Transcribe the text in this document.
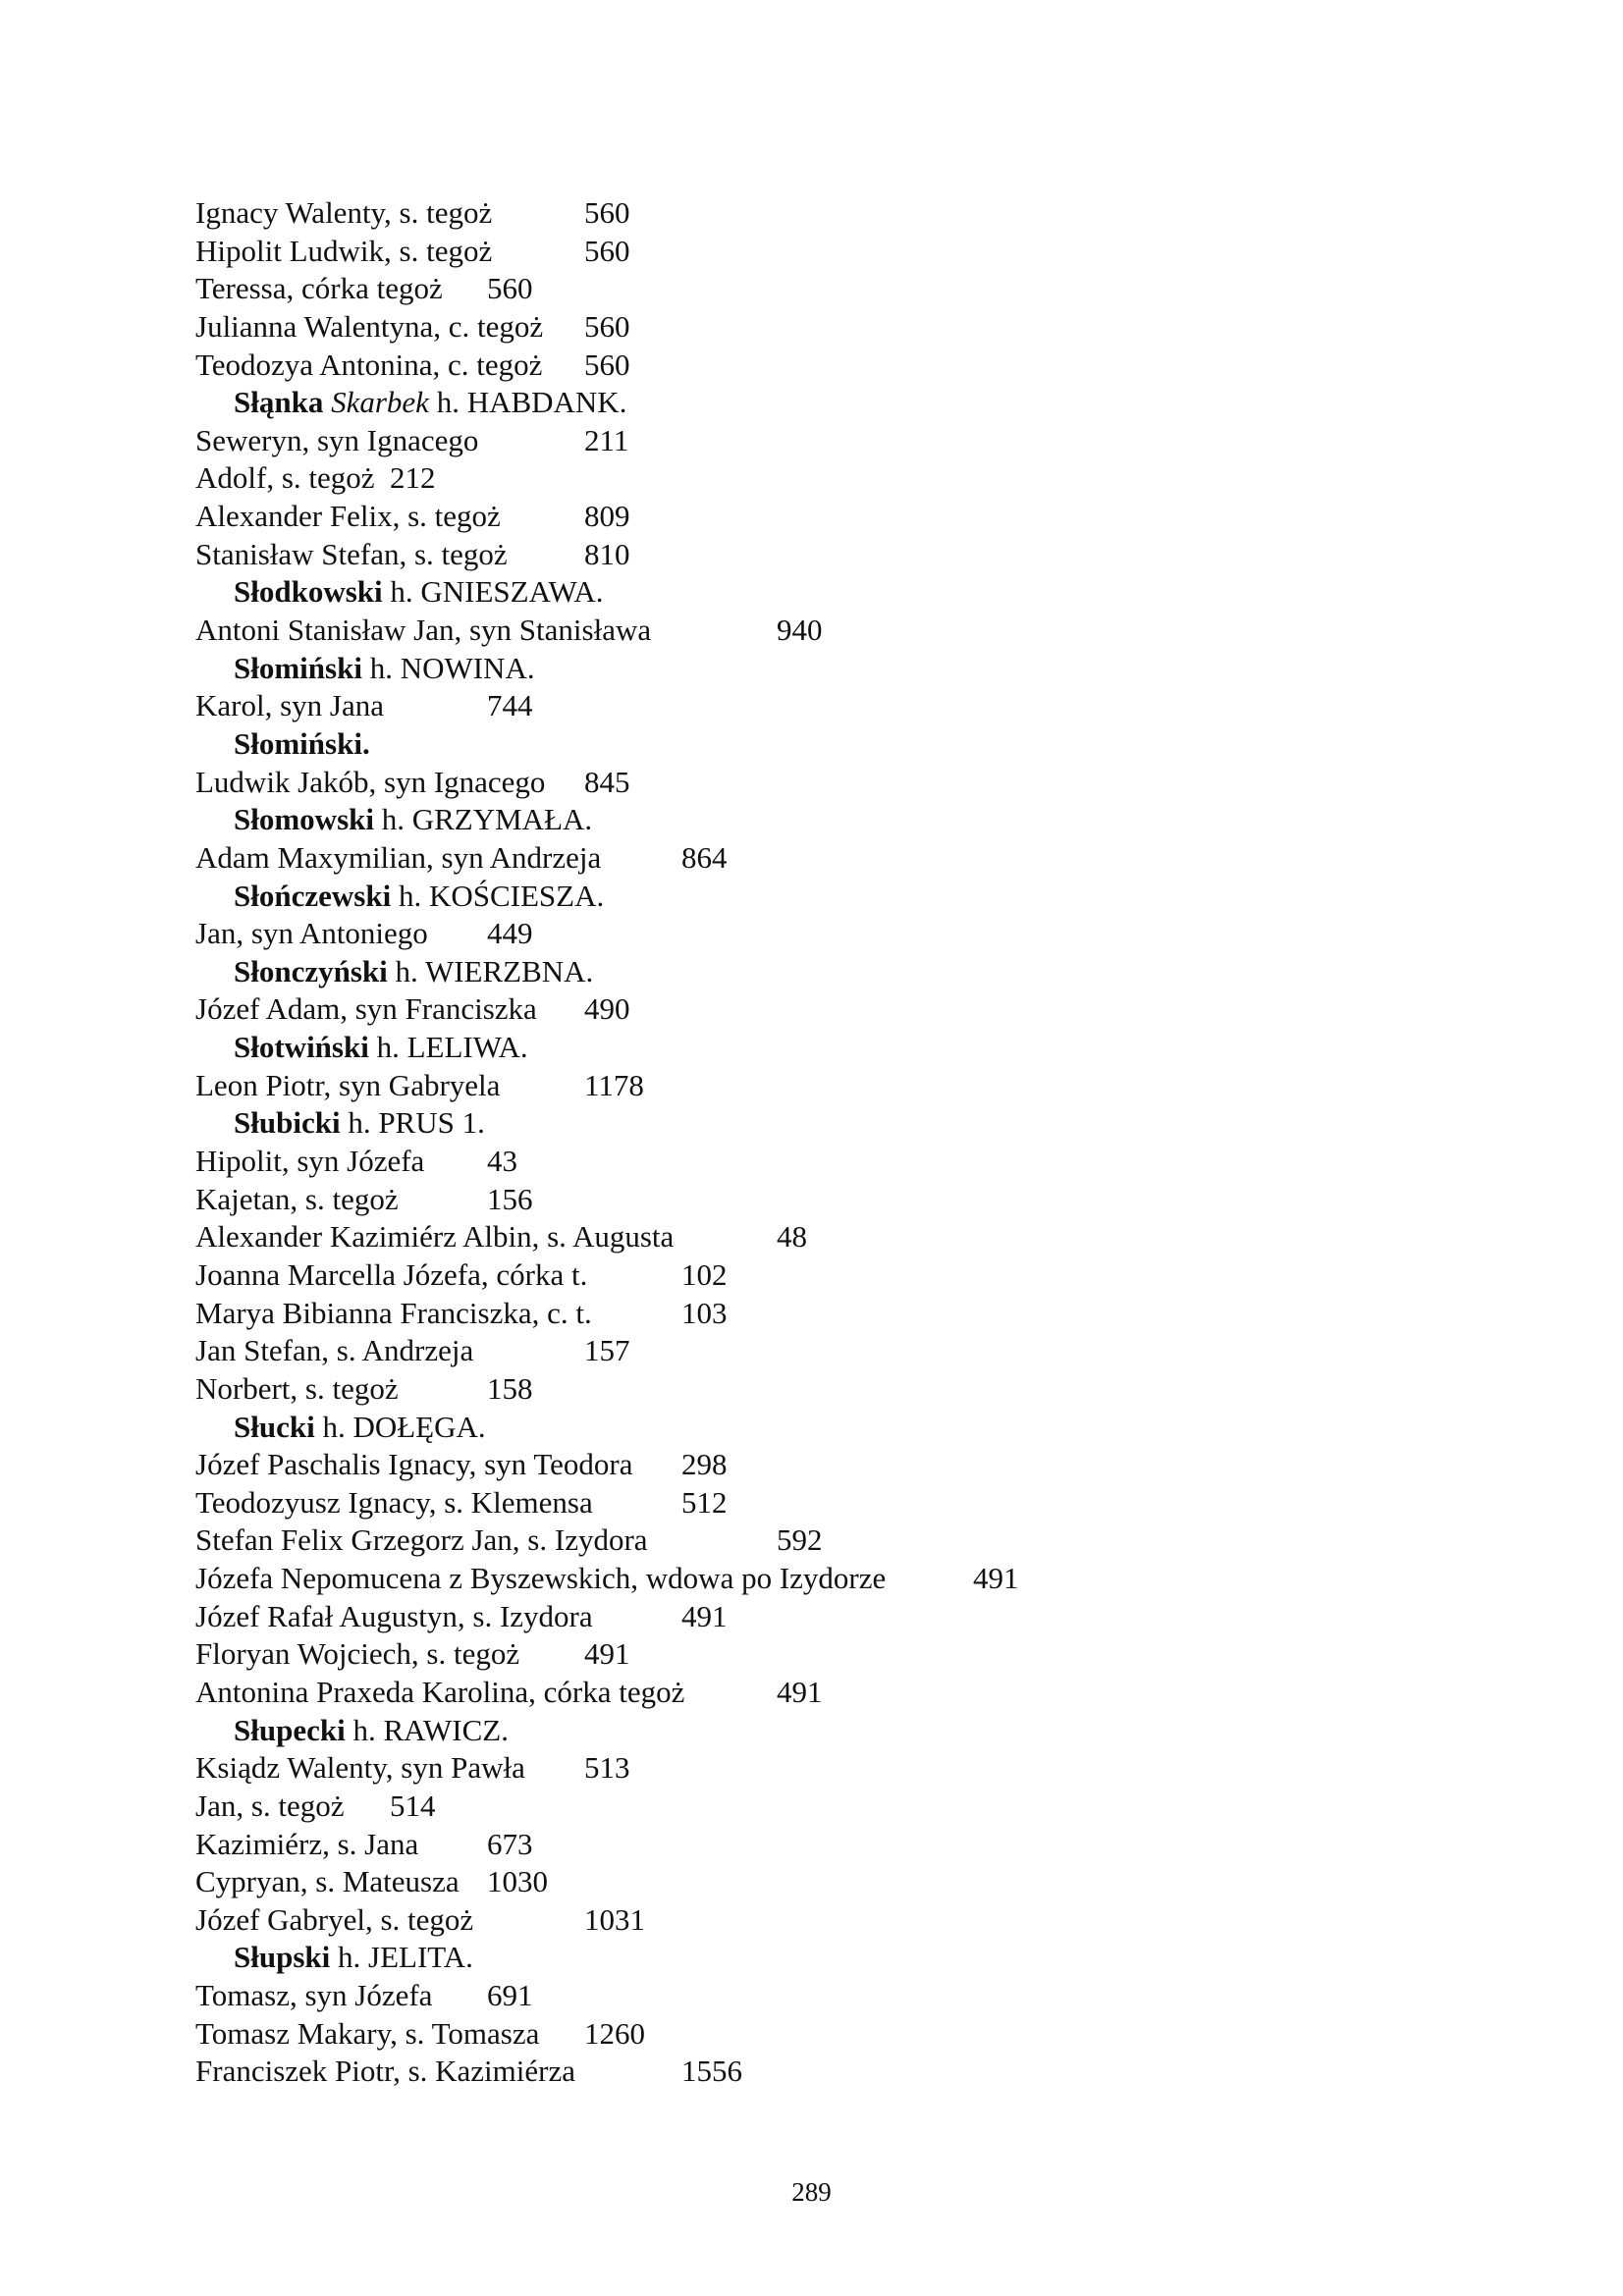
Ignacy Walenty, s. tegoż	560
Hipolit Ludwik, s. tegoż	560
Teressa, córka tegoż 560
Julianna Walentyna, c. tegoż 560
Teodozya Antonina, c. tegoż 560
Słąnka Skarbek h. HABDANK.
Seweryn, syn Ignacego	211
Adolf, s. tegoż 212
Alexander Felix, s. tegoż	809
Stanisław Stefan, s. tegoż	810
Słodkowski h. GNIESZAWA.
Antoni Stanisław Jan, syn Stanisława	940
Słomiński h. NOWINA.
Karol, syn Jana	744
Słomiński.
Ludwik Jakób, syn Ignacego 845
Słomowski h. GRZYMAŁA.
Adam Maxymilian, syn Andrzeja	864
Słończewski h. KOŚCIESZA.
Jan, syn Antoniego 449
Słonczyński h. WIERZBNA.
Józef Adam, syn Franciszka 490
Słotwiński h. LELIWA.
Leon Piotr, syn Gabryela	1178
Słubicki h. PRUS 1.
Hipolit, syn Józefa 43
Kajetan, s. tegoż	156
Alexander Kazimiérz Albin, s. Augusta	48
Joanna Marcella Józefa, córka t.	102
Marya Bibianna Franciszka, c. t.	103
Jan Stefan, s. Andrzeja	157
Norbert, s. tegoż	158
Słucki h. DOŁĘGA.
Józef Paschalis Ignacy, syn Teodora 298
Teodozyusz Ignacy, s. Klemensa	512
Stefan Felix Grzegorz Jan, s. Izydora	592
Józefa Nepomucena z Byszewskich, wdowa po Izydorze	491
Józef Rafał Augustyn, s. Izydora	491
Floryan Wojciech, s. tegoż 491
Antonina Praxeda Karolina, córka tegoż	491
Słupecki h. RAWICZ.
Ksiądz Walenty, syn Pawła 513
Jan, s. tegoż 514
Kazimiérz, s. Jana 673
Cypryan, s. Mateusza 1030
Józef Gabryel, s. tegoż	1031
Słupski h. JELITA.
Tomasz, syn Józefa 691
Tomasz Makary, s. Tomasza 1260
Franciszek Piotr, s. Kazimiérza	1556
289
